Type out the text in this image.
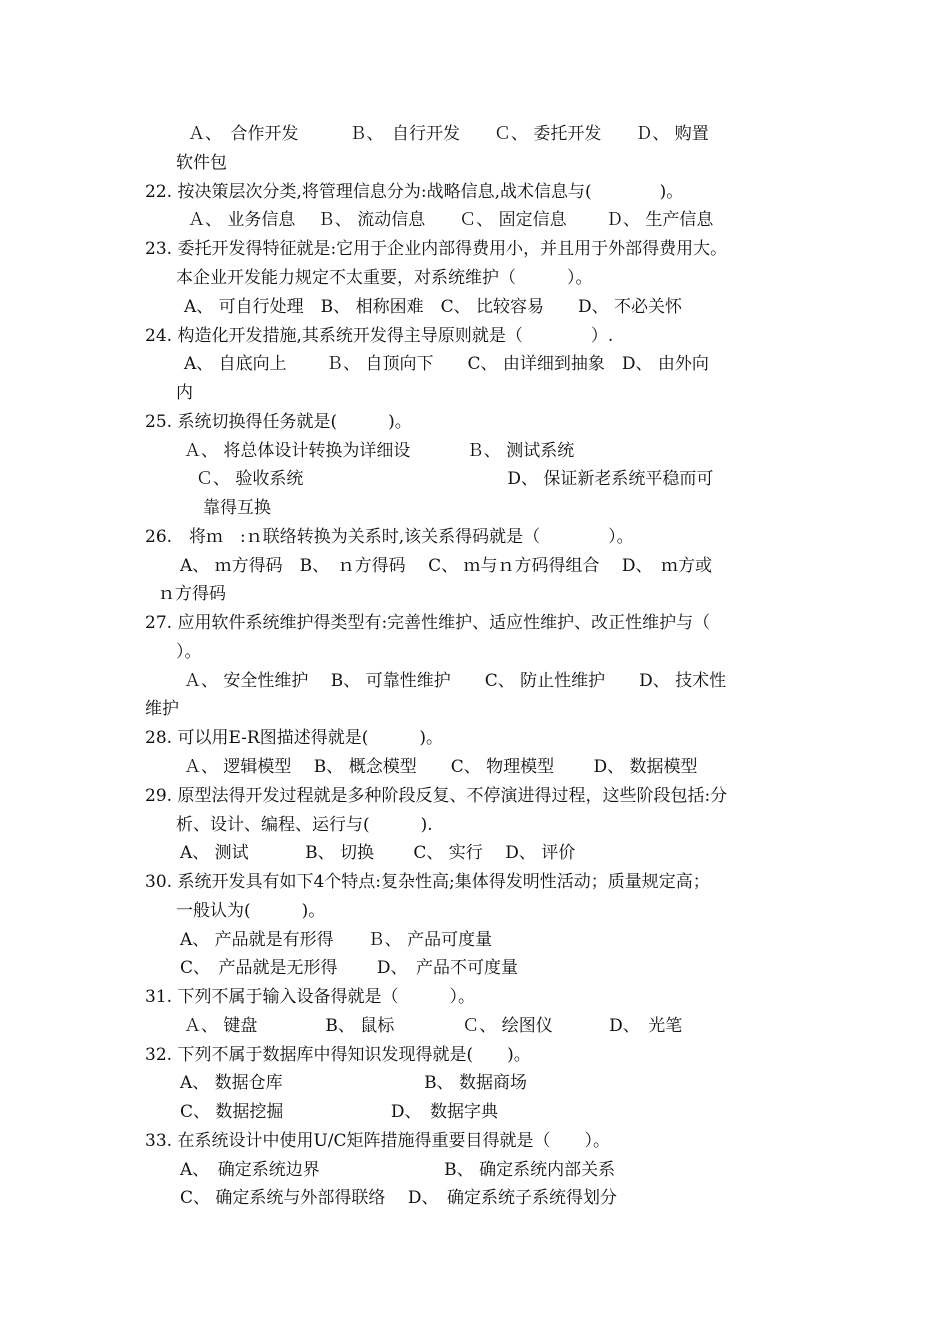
Ａ、　合作开发　　　Ｂ、　自行开发　　Ｃ、 委托开发　　Ｄ、 购置
软件包
22. 按决策层次分类,将管理信息分为:战略信息,战术信息与(　　　　)。
Ａ、 业务信息　 Ｂ、 流动信息　　Ｃ、 固定信息　　 Ｄ、 生产信息
23. 委托开发得特征就是:它用于企业内部得费用小，并且用于外部得费用大。
本企业开发能力规定不太重要，对系统维护（　　　）。
A、 可自行处理　B、 相称困难　C、 比较容易　　D、 不必关怀
24. 构造化开发措施,其系统开发得主导原则就是（　　　　）.
A、 自底向上　　 Ｂ、 自顶向下　　C、 由详细到抽象　D、 由外向
内
25. 系统切换得任务就是(　　　)。
Ａ、 将总体设计转换为详细设　　　 Ｂ、 测试系统
Ｃ、 验收系统　　　　　　　　　　　　D、 保证新老系统平稳而可
靠得互换
26.　将ｍ　:ｎ联络转换为关系时,该关系得码就是（　　　　）。
A、 ｍ方得码　B、　ｎ方得码　 C、 ｍ与ｎ方码得组合　 D、　ｍ方或
ｎ方得码
27. 应用软件系统维护得类型有:完善性维护、适应性维护、改正性维护与（
）。
Ａ、 安全性维护　 B、 可靠性维护　　C、 防止性维护　　D、 技术性
维护
28. 可以用E-R图描述得就是(　　　)。
Ａ、 逻辑模型　 B、 概念模型　　C、 物理模型　　 D、 数据模型
29. 原型法得开发过程就是多种阶段反复、不停演进得过程，这些阶段包括:分
析、设计、编程、运行与(　　　).
A、 测试　　　 B、 切换　　 C、 实行　 D、 评价
30. 系统开发具有如下4个特点:复杂性高;集体得发明性活动；质量规定高；
一般认为(　　　)。
A、 产品就是有形得　　Ｂ、 产品可度量
C、　产品就是无形得　　 D、　产品不可度量
31. 下列不属于输入设备得就是（　　　）。
Ａ、 键盘　　　　B、 鼠标　　　　Ｃ、 绘图仪　　　 D、　光笔
32. 下列不属于数据库中得知识发现得就是(　　)。
A、 数据仓库　　　　　　　　 B、 数据商场
C、 数据挖掘　　　　　　 D、　数据字典
33. 在系统设计中使用U/C矩阵措施得重要目得就是（　　）。
A、　确定系统边界　　　　　　　 B、 确定系统内部关系
C、 确定系统与外部得联络　 D、　确定系统子系统得划分
